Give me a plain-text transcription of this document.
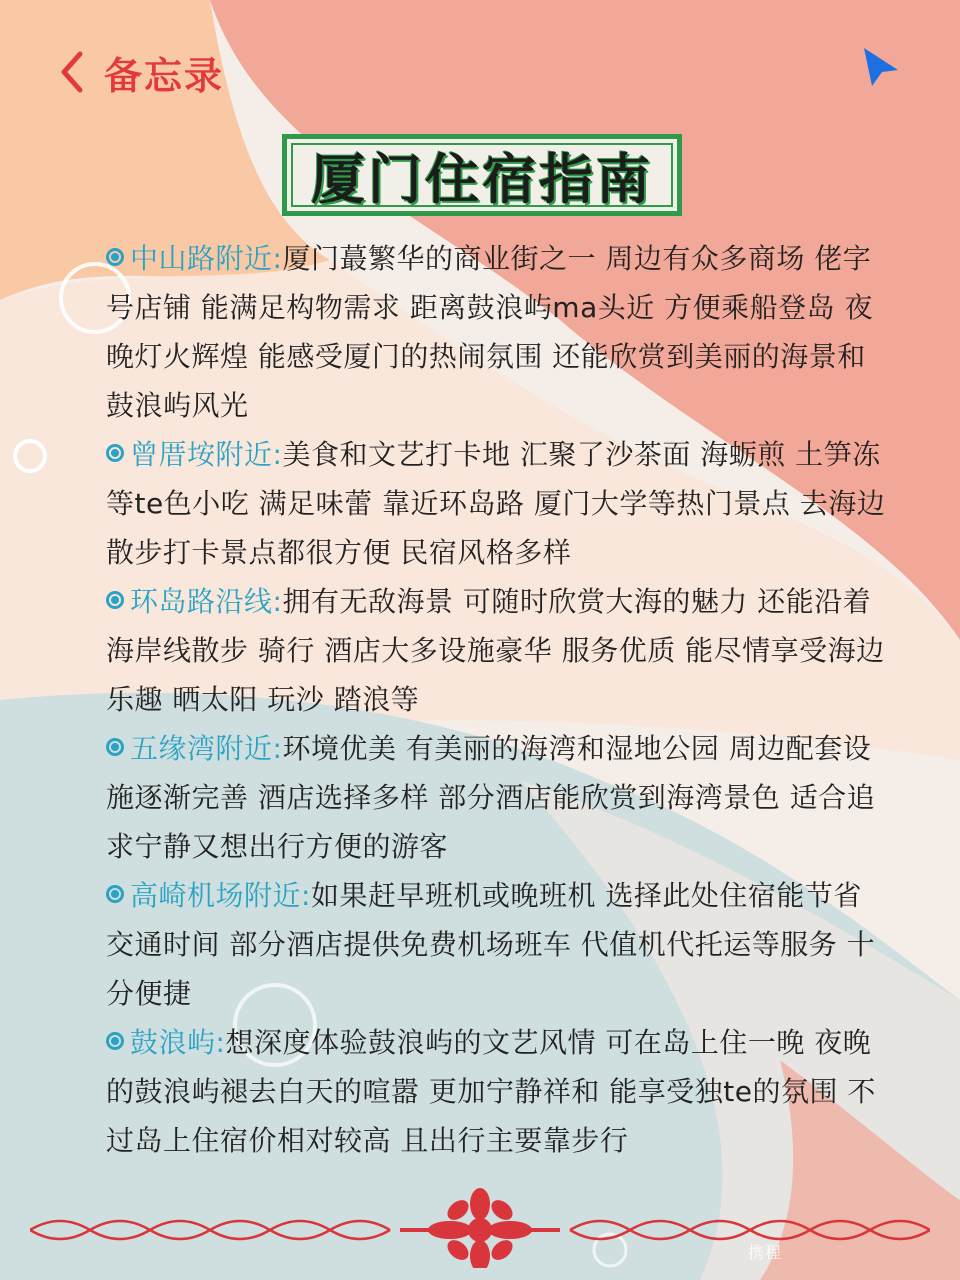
备忘录
厦门住宿指南
中山路附近:厦门蕞繁华的商业街之一 周边有众多商场 佬字号店铺 能满足构物需求 距离鼓浪屿ma头近 方便乘船登岛 夜晚灯火辉煌 能感受厦门的热闹氛围 还能欣赏到美丽的海景和鼓浪屿风光
曾厝垵附近:美食和文艺打卡地 汇聚了沙茶面 海蛎煎 土笋冻等te色小吃 满足味蕾 靠近环岛路 厦门大学等热门景点 去海边散步打卡景点都很方便 民宿风格多样
环岛路沿线:拥有无敌海景 可随时欣赏大海的魅力 还能沿着海岸线散步 骑行 酒店大多设施豪华 服务优质 能尽情享受海边乐趣 晒太阳 玩沙 踏浪等
五缘湾附近:环境优美 有美丽的海湾和湿地公园 周边配套设施逐渐完善 酒店选择多样 部分酒店能欣赏到海湾景色 适合追求宁静又想出行方便的游客
高崎机场附近:如果赶早班机或晚班机 选择此处住宿能节省交通时间 部分酒店提供免费机场班车 代值机代托运等服务 十分便捷
鼓浪屿:想深度体验鼓浪屿的文艺风情 可在岛上住一晚 夜晚的鼓浪屿褪去白天的喧嚣 更加宁静祥和 能享受独te的氛围 不过岛上住宿价相对较高 且出行主要靠步行
携程
